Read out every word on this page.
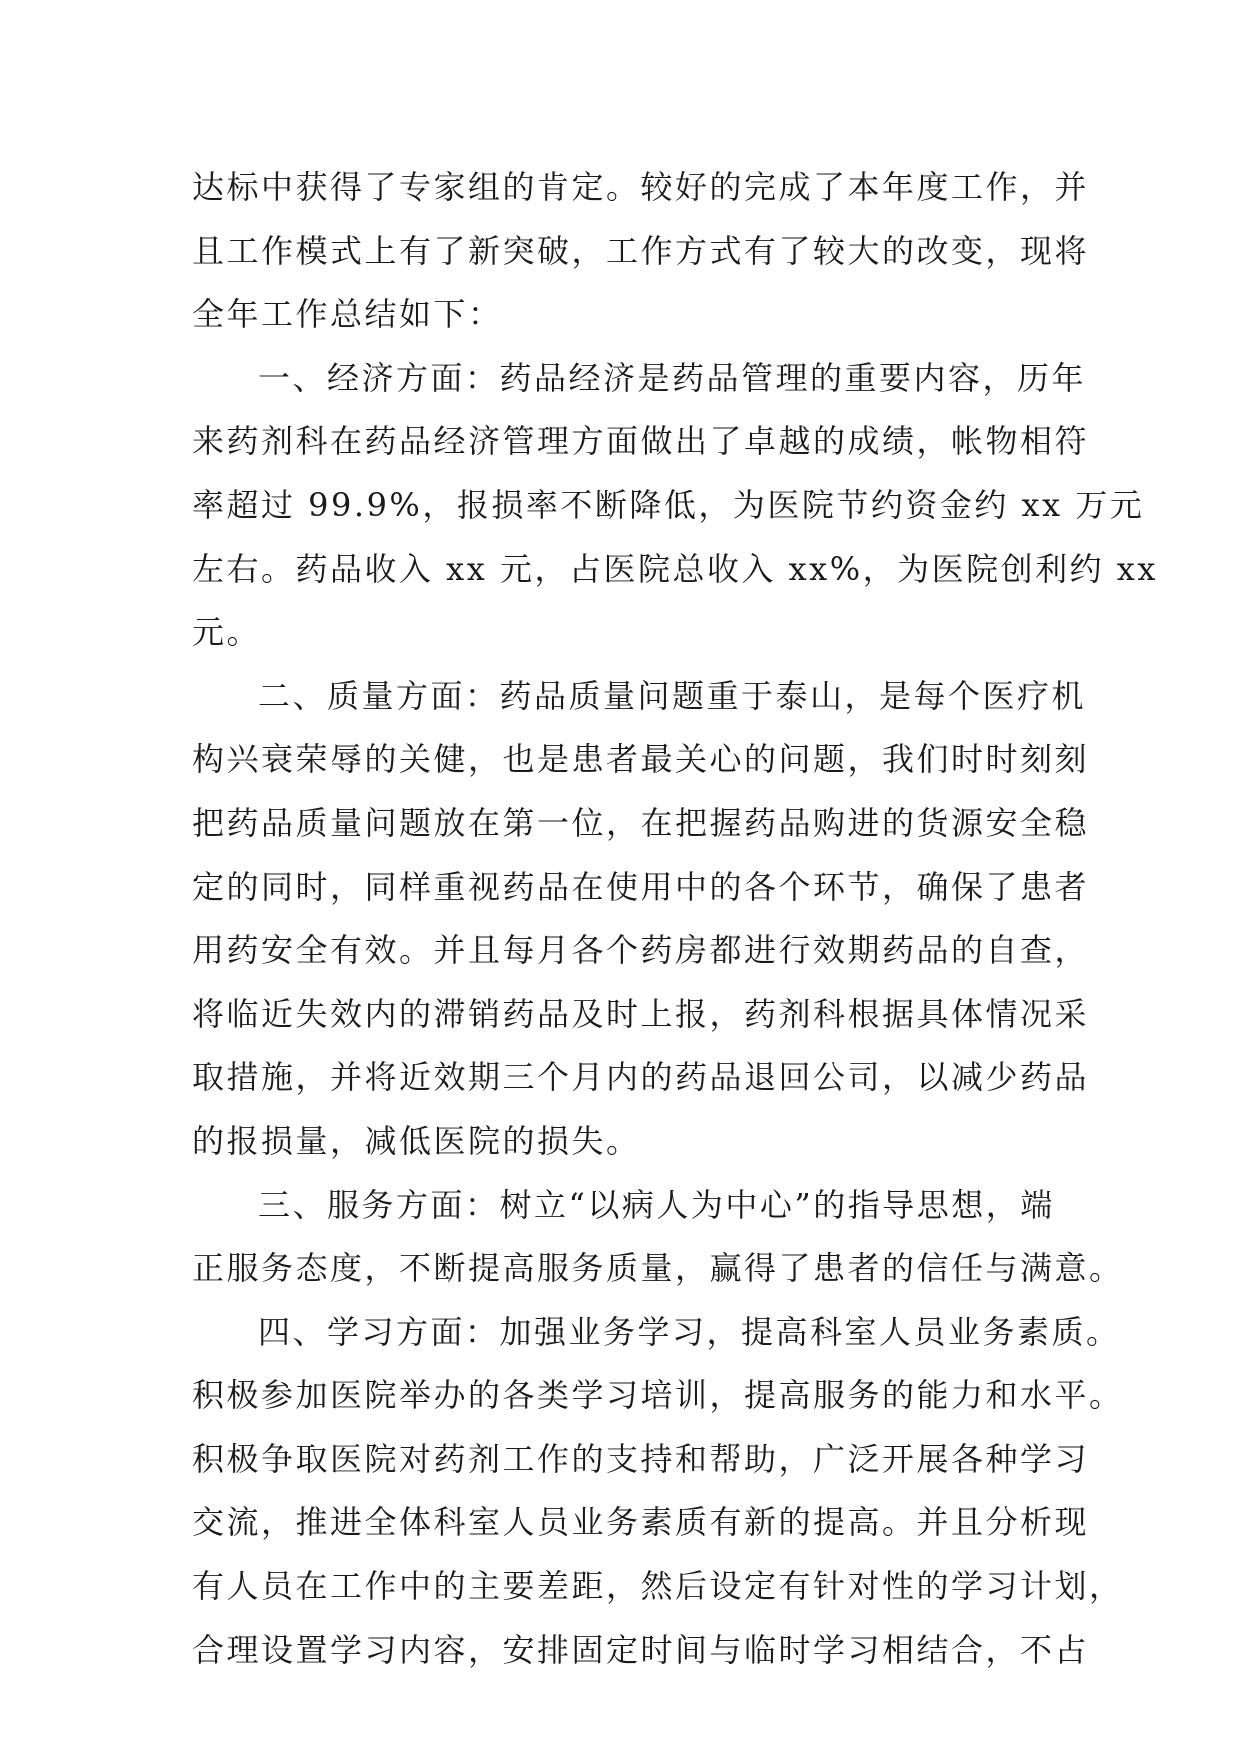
达标中获得了专家组的肯定。较好的完成了本年度工作，并
且工作模式上有了新突破，工作方式有了较大的改变，现将
全年工作总结如下：
一、经济方面：药品经济是药品管理的重要内容，历年
来药剂科在药品经济管理方面做出了卓越的成绩，帐物相符
率超过 99.9%，报损率不断降低，为医院节约资金约 xx 万元
左右。药品收入 xx 元，占医院总收入 xx%，为医院创利约 xx
元。
二、质量方面：药品质量问题重于泰山，是每个医疗机
构兴衰荣辱的关健，也是患者最关心的问题，我们时时刻刻
把药品质量问题放在第一位，在把握药品购进的货源安全稳
定的同时，同样重视药品在使用中的各个环节，确保了患者
用药安全有效。并且每月各个药房都进行效期药品的自查，
将临近失效内的滞销药品及时上报，药剂科根据具体情况采
取措施，并将近效期三个月内的药品退回公司，以减少药品
的报损量，减低医院的损失。
三、服务方面：树立“以病人为中心”的指导思想，端
正服务态度，不断提高服务质量，赢得了患者的信任与满意。
四、学习方面：加强业务学习，提高科室人员业务素质。
积极参加医院举办的各类学习培训，提高服务的能力和水平。
积极争取医院对药剂工作的支持和帮助，广泛开展各种学习
交流，推进全体科室人员业务素质有新的提高。并且分析现
有人员在工作中的主要差距，然后设定有针对性的学习计划，
合理设置学习内容，安排固定时间与临时学习相结合，不占
